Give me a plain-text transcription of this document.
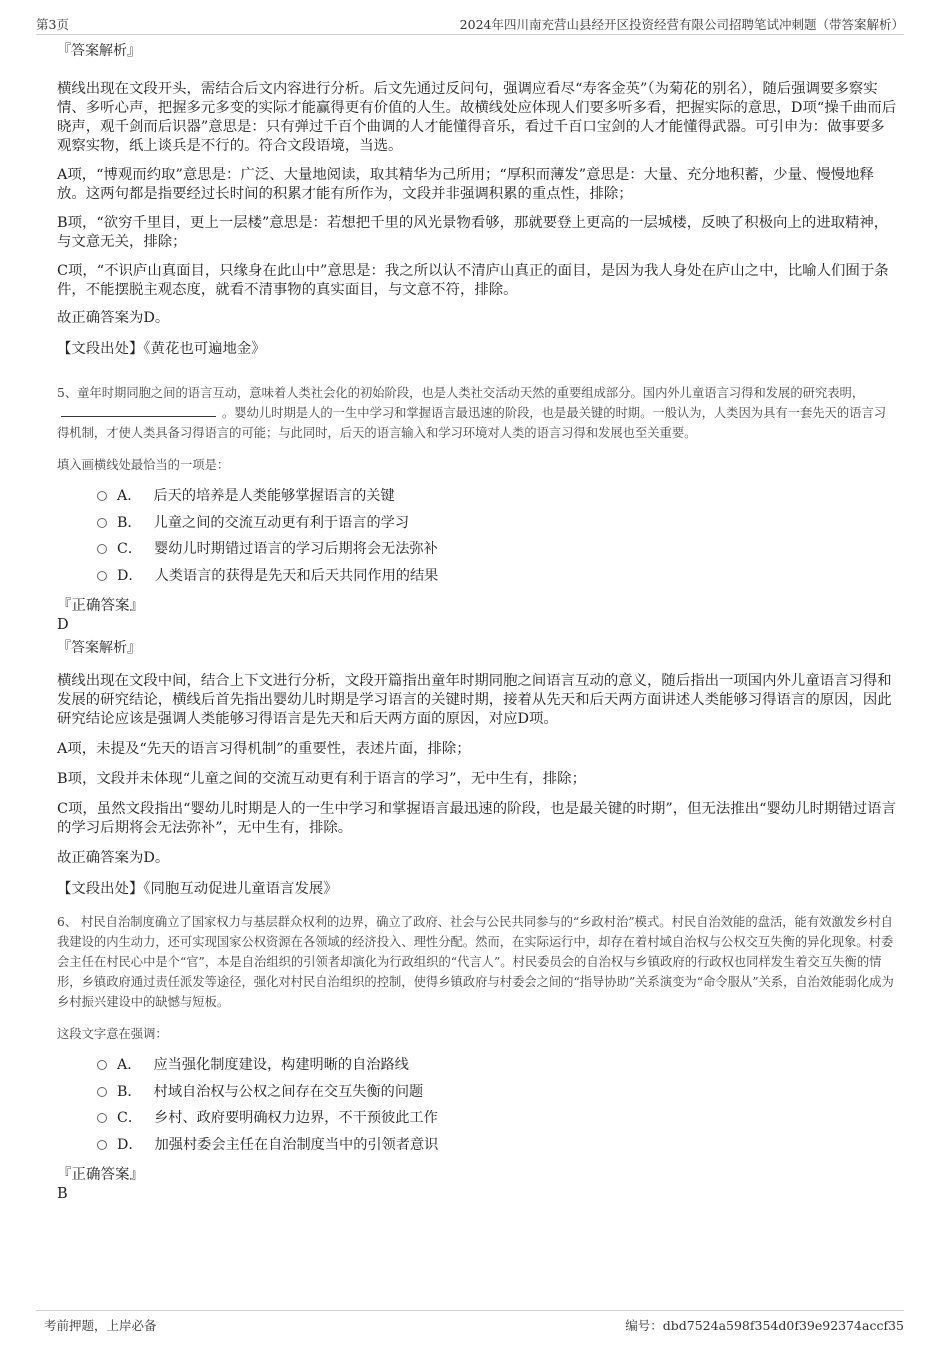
第3页	2024年四川南充营山县经开区投资经营有限公司招聘笔试冲刺题（带答案解析）

『答案解析』

横线出现在文段开头，需结合后文内容进行分析。后文先通过反问句，强调应看尽“寿客金英”（为菊花的别名），随后强调要多察实情、多听心声，把握多元多变的实际才能赢得更有价值的人生。故横线处应体现人们要多听多看，把握实际的意思，D项“操千曲而后晓声，观千剑而后识器”意思是：只有弹过千百个曲调的人才能懂得音乐，看过千百口宝剑的人才能懂得武器。可引申为：做事要多观察实物，纸上谈兵是不行的。符合文段语境，当选。

A项，“博观而约取”意思是：广泛、大量地阅读，取其精华为己所用；“厚积而薄发”意思是：大量、充分地积蓄，少量、慢慢地释放。这两句都是指要经过长时间的积累才能有所作为，文段并非强调积累的重点性，排除；

B项，“欲穷千里目，更上一层楼”意思是：若想把千里的风光景物看够，那就要登上更高的一层城楼，反映了积极向上的进取精神，与文意无关，排除；

C项，“不识庐山真面目，只缘身在此山中”意思是：我之所以认不清庐山真正的面目，是因为我人身处在庐山之中，比喻人们囿于条件，不能摆脱主观态度，就看不清事物的真实面目，与文意不符，排除。

故正确答案为D。

【文段出处】《黄花也可遍地金》

5、童年时期同胞之间的语言互动，意味着人类社会化的初始阶段，也是人类社交活动天然的重要组成部分。国内外儿童语言习得和发展的研究表明，。婴幼儿时期是人的一生中学习和掌握语言最迅速的阶段，也是最关键的时期。一般认为，人类因为具有一套先天的语言习得机制，才使人类具备习得语言的可能；与此同时，后天的语言输入和学习环境对人类的语言习得和发展也至关重要。

填入画横线处最恰当的一项是：

A． 后天的培养是人类能够掌握语言的关键
B． 儿童之间的交流互动更有利于语言的学习
C． 婴幼儿时期错过语言的学习后期将会无法弥补
D． 人类语言的获得是先天和后天共同作用的结果

『正确答案』

D

『答案解析』

横线出现在文段中间，结合上下文进行分析，文段开篇指出童年时期同胞之间语言互动的意义，随后指出一项国内外儿童语言习得和发展的研究结论，横线后首先指出婴幼儿时期是学习语言的关键时期，接着从先天和后天两方面讲述人类能够习得语言的原因，因此研究结论应该是强调人类能够习得语言是先天和后天两方面的原因，对应D项。

A项，未提及“先天的语言习得机制”的重要性，表述片面，排除；

B项，文段并未体现“儿童之间的交流互动更有利于语言的学习”，无中生有，排除；

C项，虽然文段指出“婴幼儿时期是人的一生中学习和掌握语言最迅速的阶段，也是最关键的时期”，但无法推出“婴幼儿时期错过语言的学习后期将会无法弥补”，无中生有，排除。

故正确答案为D。

【文段出处】《同胞互动促进儿童语言发展》

6、 村民自治制度确立了国家权力与基层群众权利的边界，确立了政府、社会与公民共同参与的“乡政村治”模式。村民自治效能的盘活，能有效激发乡村自我建设的内生动力，还可实现国家公权资源在各领域的经济投入、理性分配。然而，在实际运行中，却存在着村域自治权与公权交互失衡的异化现象。村委会主任在村民心中是个“官”，本是自治组织的引领者却演化为行政组织的“代言人”。村民委员会的自治权与乡镇政府的行政权也同样发生着交互失衡的情形，乡镇政府通过责任派发等途径，强化对村民自治组织的控制，使得乡镇政府与村委会之间的“指导协助”关系演变为“命令服从”关系，自治效能弱化成为乡村振兴建设中的缺憾与短板。

这段文字意在强调：

A． 应当强化制度建设，构建明晰的自治路线
B． 村域自治权与公权之间存在交互失衡的问题
C． 乡村、政府要明确权力边界，不干预彼此工作
D． 加强村委会主任在自治制度当中的引领者意识

『正确答案』

B

考前押题，上岸必备	编号：dbd7524a598f354d0f39e92374accf35
